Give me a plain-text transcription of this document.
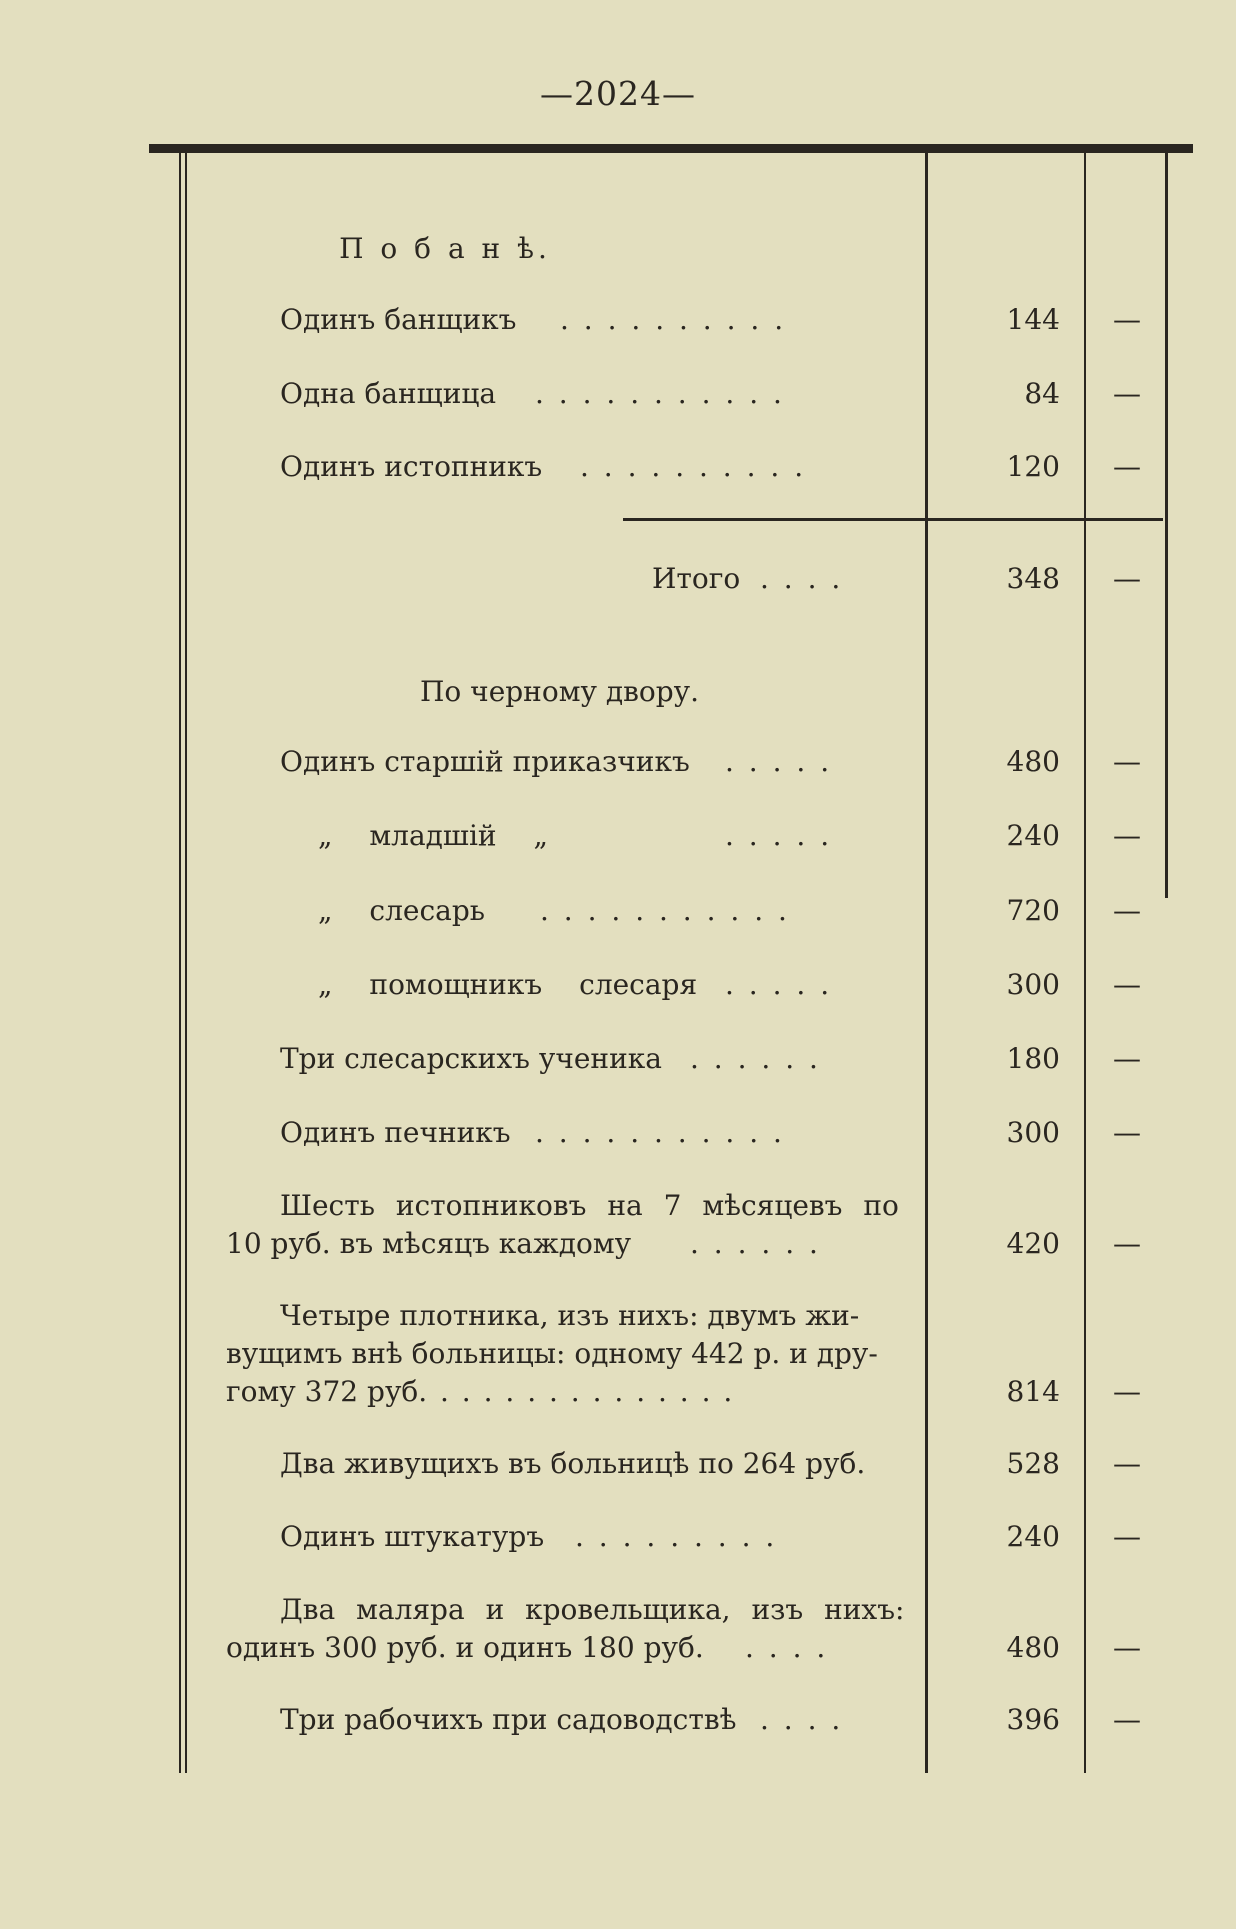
—2024—
П о б а н ѣ.
Одинъ банщикъ . . . . . . . . . .	144	—
Одна банщица . . . . . . . . . . .	84	—
Одинъ истопникъ . . . . . . . . . .	120	—
Итого . . . .	348	—
По черному двору.
Одинъ старшій приказчикъ . . . . .	480	—
„ младшій „	. . . . .	240	—
„ слесарь . . . . . . . . . . .	720	—
„ помощникъ слесаря . . . . .	300	—
Три слесарскихъ ученика . . . . . .	180	—
Одинъ печникъ . . . . . . . . . . .	300	—
Шесть истопниковъ на 7 мѣсяцевъ по
10 руб. въ мѣсяцъ каждому . . . . . .	420	—
Четыре плотника, изъ нихъ: двумъ жи-
вущимъ внѣ больницы: одному 442 р. и дру-
гому 372 руб. . . . . . . . . . . . . . .	814	—
Два живущихъ въ больницѣ по 264 руб.	528	—
Одинъ штукатуръ . . . . . . . . .	240	—
Два маляра и кровельщика, изъ нихъ:
одинъ 300 руб. и одинъ 180 руб. . . . .	480	—
Три рабочихъ при садоводствѣ . . . .	396	—
